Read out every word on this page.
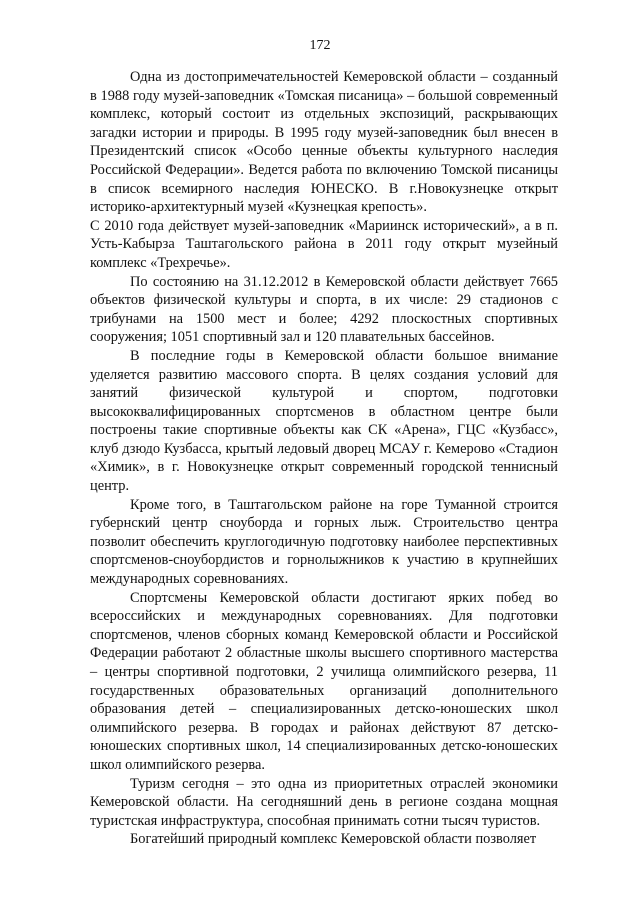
172

Одна из достопримечательностей Кемеровской области – созданный в 1988 году музей-заповедник «Томская писаница» – большой современный комплекс, который состоит из отдельных экспозиций, раскрывающих загадки истории и природы. В 1995 году музей-заповедник был внесен в Президентский список «Особо ценные объекты культурного наследия Российской Федерации». Ведется работа по включению Томской писаницы в список всемирного наследия ЮНЕСКО. В г.Новокузнецке открыт историко-архитектурный музей «Кузнецкая крепость».

С 2010 года действует музей-заповедник «Мариинск исторический», а в п. Усть-Кабырза Таштагольского района в 2011 году открыт музейный комплекс «Трехречье».

По состоянию на 31.12.2012 в Кемеровской области действует 7665 объектов физической культуры и спорта, в их числе: 29 стадионов с трибунами на 1500 мест и более; 4292 плоскостных спортивных сооружения; 1051 спортивный зал и 120 плавательных бассейнов.

В последние годы в Кемеровской области большое внимание уделяется развитию массового спорта. В целях создания условий для занятий физической культурой и спортом, подготовки высококвалифицированных спортсменов в областном центре были построены такие спортивные объекты как СК «Арена», ГЦС «Кузбасс», клуб дзюдо Кузбасса, крытый ледовый дворец МСАУ г. Кемерово «Стадион «Химик», в г. Новокузнецке открыт современный городской теннисный центр.

Кроме того, в Таштагольском районе на горе Туманной строится губернский центр сноуборда и горных лыж. Строительство центра позволит обеспечить круглогодичную подготовку наиболее перспективных спортсменов-сноубордистов и горнолыжников к участию в крупнейших международных соревнованиях.

Спортсмены Кемеровской области достигают ярких побед во всероссийских и международных соревнованиях. Для подготовки спортсменов, членов сборных команд Кемеровской области и Российской Федерации работают 2 областные школы высшего спортивного мастерства – центры спортивной подготовки, 2 училища олимпийского резерва, 11 государственных образовательных организаций дополнительного образования детей – специализированных детско-юношеских школ олимпийского резерва. В городах и районах действуют 87 детско-юношеских спортивных школ, 14 специализированных детско-юношеских школ олимпийского резерва.

Туризм сегодня – это одна из приоритетных отраслей экономики Кемеровской области. На сегодняшний день в регионе создана мощная туристская инфраструктура, способная принимать сотни тысяч туристов.

Богатейший природный комплекс Кемеровской области позволяет
